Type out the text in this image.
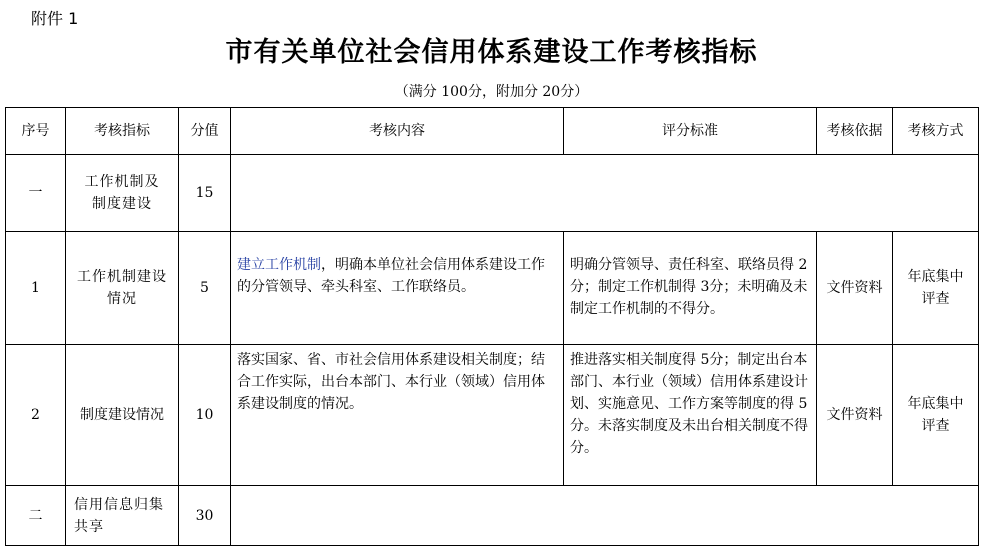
附件 1
市有关单位社会信用体系建设工作考核指标
（满分 100分，附加分 20分）
序号	考核指标	分值	考核内容	评分标准	考核依据	考核方式
一	工作机制及制度建设	15				
1	工作机制建设情况	5	建立工作机制，明确本单位社会信用体系建设工作的分管领导、牵头科室、工作联络员。	明确分管领导、责任科室、联络员得 2分；制定工作机制得 3分；未明确及未制定工作机制的不得分。	文件资料	年底集中评查
2	制度建设情况	10	落实国家、省、市社会信用体系建设相关制度；结合工作实际，出台本部门、本行业（领域）信用体系建设制度的情况。	推进落实相关制度得 5分；制定出台本部门、本行业（领域）信用体系建设计划、实施意见、工作方案等制度的得 5分。未落实制度及未出台相关制度不得分。	文件资料	年底集中评查
二	信用信息归集共享	30				
